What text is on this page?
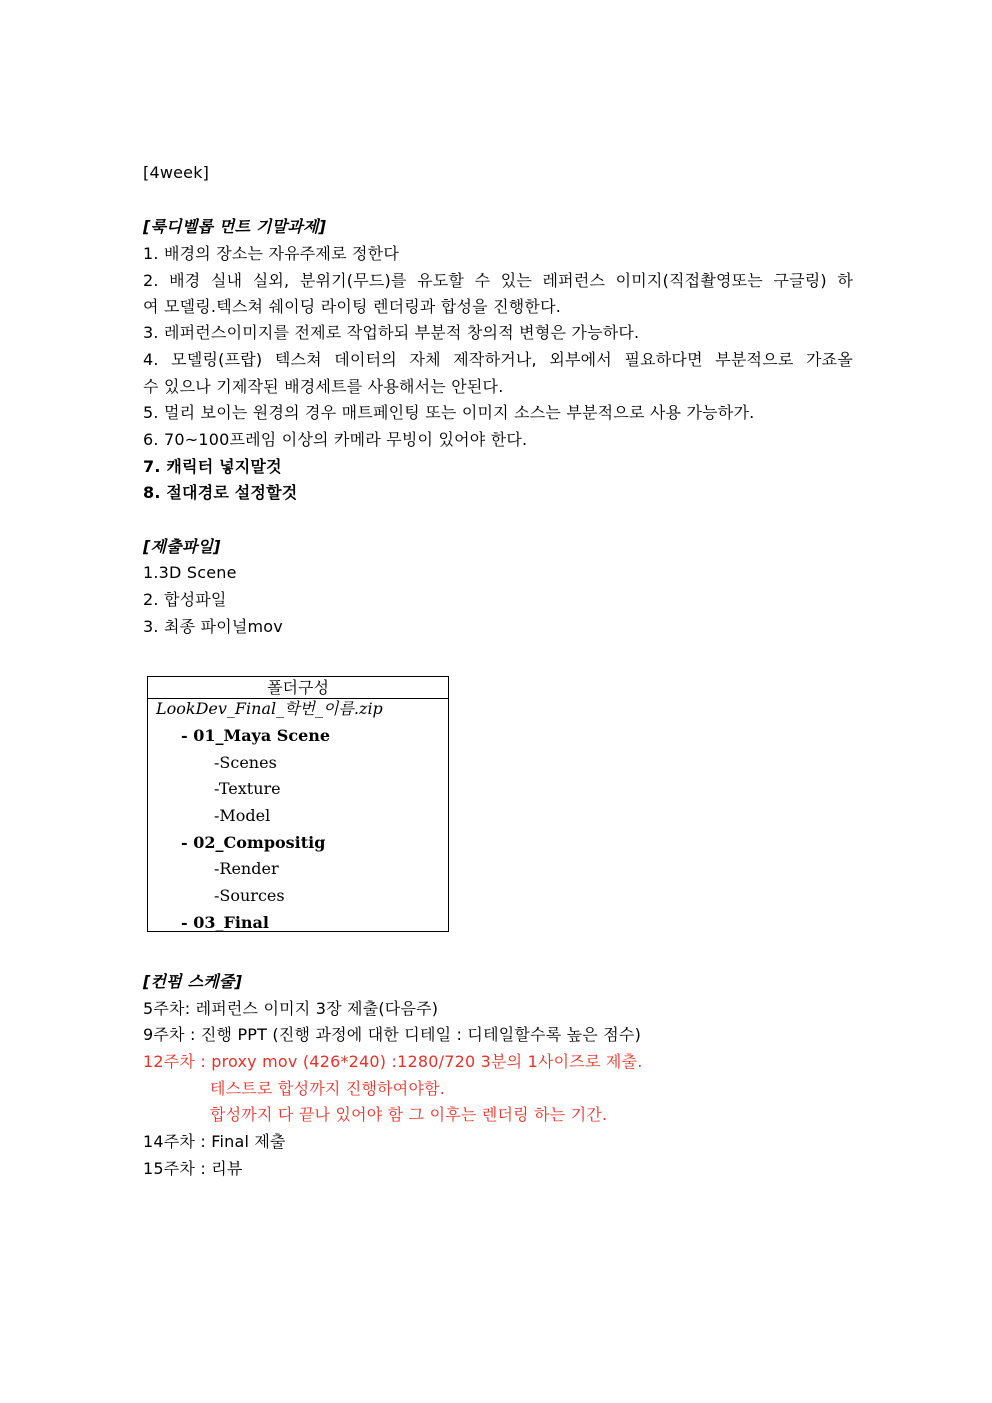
[4week]
[룩디벨롭 먼트 기말과제]
1. 배경의 장소는 자유주제로 정한다
2. 배경 실내 실외, 분위기(무드)를 유도할 수 있는 레퍼런스 이미지(직접촬영또는 구글링) 하
여 모델링.텍스쳐 쉐이딩 라이팅 렌더링과 합성을 진행한다.
3. 레퍼런스이미지를 전제로 작업하되 부분적 창의적 변형은 가능하다.
4. 모델링(프랍) 텍스쳐 데이터의 자체 제작하거나, 외부에서 필요하다면 부분적으로 가죠올
수 있으나 기제작된 배경세트를 사용해서는 안된다.
5. 멀리 보이는 원경의 경우 매트페인팅 또는 이미지 소스는 부분적으로 사용 가능하가.
6. 70~100프레임 이상의 카메라 무빙이 있어야 한다.
7. 캐릭터 넣지말것
8. 절대경로 설정할것
[제출파일]
1.3D Scene
2. 합성파일
3. 최종 파이널mov
폴더구성
LookDev_Final_학번_이름.zip
- 01_Maya Scene
-Scenes
-Texture
-Model
- 02_Compositig
-Render
-Sources
- 03_Final
[컨펌 스케줄]
5주차: 레퍼런스 이미지 3장 제출(다음주)
9주차 : 진행 PPT (진행 과정에 대한 디테일 : 디테일할수록 높은 점수)
12주차 : proxy mov (426*240) :1280/720 3분의 1사이즈로 제출.
테스트로 합성까지 진행하여야함.
합성까지 다 끝나 있어야 함 그 이후는 렌더링 하는 기간.
14주차 : Final 제출
15주차 : 리뷰
